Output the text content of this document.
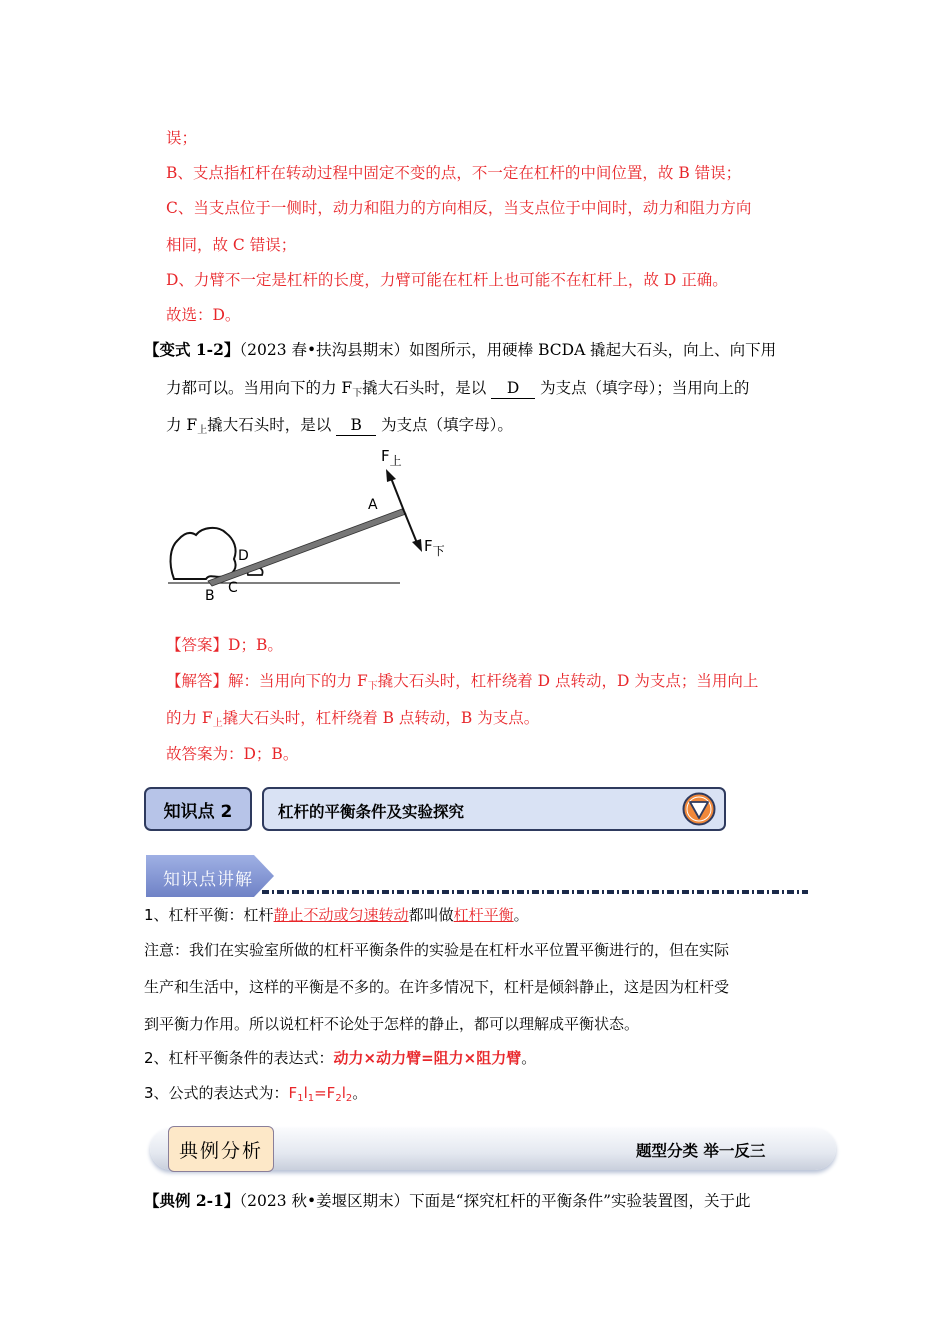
误；
B、支点指杠杆在转动过程中固定不变的点，不一定在杠杆的中间位置，故 B 错误；
C、当支点位于一侧时，动力和阻力的方向相反，当支点位于中间时，动力和阻力方向
相同，故 C 错误；
D、力臂不一定是杠杆的长度，力臂可能在杠杆上也可能不在杠杆上，故 D 正确。
故选：D。
【变式 1-2】（2023 春•扶沟县期末）如图所示，用硬棒 BCDA 撬起大石头，向上、向下用
力都可以。当用向下的力 $F_下$撬大石头时，是以 D 为支点（填字母）；当用向上的
力 $F_上$撬大石头时，是以 B 为支点（填字母）。
$F_上$
$F_下$
A
D
C
B
【答案】D；B。
【解答】解：当用向下的力 $F_下$撬大石头时，杠杆绕着 D 点转动，D 为支点；当用向上
的力 $F_上$撬大石头时，杠杆绕着 B 点转动，B 为支点。
故答案为：D；B。
知识点 2	杠杆的平衡条件及实验探究
知识点讲解
1、杠杆平衡：杠杆静止不动或匀速转动都叫做杠杆平衡。
注意：我们在实验室所做的杠杆平衡条件的实验是在杠杆水平位置平衡进行的，但在实际
生产和生活中，这样的平衡是不多的。在许多情况下，杠杆是倾斜静止，这是因为杠杆受
到平衡力作用。所以说杠杆不论处于怎样的静止，都可以理解成平衡状态。
2、杠杆平衡条件的表达式：动力×动力臂=阻力×阻力臂。
3、公式的表达式为：$F_1l_1=F_2l_2$。
典例分析	题型分类 举一反三
【典例 2-1】（2023 秋•姜堰区期末）下面是“探究杠杆的平衡条件”实验装置图，关于此
